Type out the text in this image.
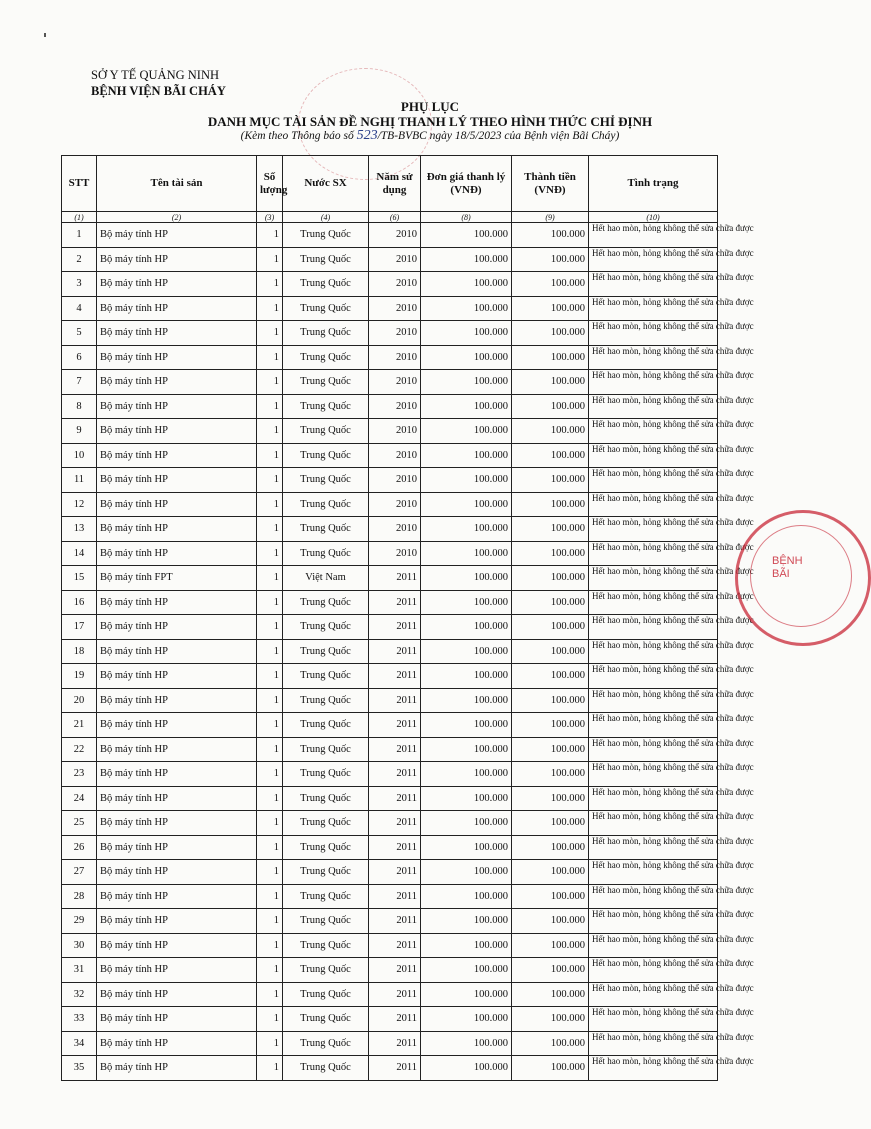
SỞ Y TẾ QUẢNG NINH
BỆNH VIỆN BÃI CHÁY
PHỤ LỤC
DANH MỤC TÀI SẢN ĐỀ NGHỊ THANH LÝ THEO HÌNH THỨC CHỈ ĐỊNH
(Kèm theo Thông báo số 523/TB-BVBC ngày 18/5/2023 của Bệnh viện Bãi Cháy)
STT	Tên tài sản	Số lượng	Nước SX	Năm sử dụng	Đơn giá thanh lý (VNĐ)	Thành tiền (VNĐ)	Tình trạng
(1)	(2)	(3)	(4)	(6)	(8)	(9)	(10)
1	Bộ máy tính HP	1	Trung Quốc	2010	100.000	100.000	Hết hao mòn, hỏng không thể sửa chữa được
2	Bộ máy tính HP	1	Trung Quốc	2010	100.000	100.000	Hết hao mòn, hỏng không thể sửa chữa được
3	Bộ máy tính HP	1	Trung Quốc	2010	100.000	100.000	Hết hao mòn, hỏng không thể sửa chữa được
4	Bộ máy tính HP	1	Trung Quốc	2010	100.000	100.000	Hết hao mòn, hỏng không thể sửa chữa được
5	Bộ máy tính HP	1	Trung Quốc	2010	100.000	100.000	Hết hao mòn, hỏng không thể sửa chữa được
6	Bộ máy tính HP	1	Trung Quốc	2010	100.000	100.000	Hết hao mòn, hỏng không thể sửa chữa được
7	Bộ máy tính HP	1	Trung Quốc	2010	100.000	100.000	Hết hao mòn, hỏng không thể sửa chữa được
8	Bộ máy tính HP	1	Trung Quốc	2010	100.000	100.000	Hết hao mòn, hỏng không thể sửa chữa được
9	Bộ máy tính HP	1	Trung Quốc	2010	100.000	100.000	Hết hao mòn, hỏng không thể sửa chữa được
10	Bộ máy tính HP	1	Trung Quốc	2010	100.000	100.000	Hết hao mòn, hỏng không thể sửa chữa được
11	Bộ máy tính HP	1	Trung Quốc	2010	100.000	100.000	Hết hao mòn, hỏng không thể sửa chữa được
12	Bộ máy tính HP	1	Trung Quốc	2010	100.000	100.000	Hết hao mòn, hỏng không thể sửa chữa được
13	Bộ máy tính HP	1	Trung Quốc	2010	100.000	100.000	Hết hao mòn, hỏng không thể sửa chữa được
14	Bộ máy tính HP	1	Trung Quốc	2010	100.000	100.000	Hết hao mòn, hỏng không thể sửa chữa được
15	Bộ máy tính FPT	1	Việt Nam	2011	100.000	100.000	Hết hao mòn, hỏng không thể sửa chữa được
16	Bộ máy tính HP	1	Trung Quốc	2011	100.000	100.000	Hết hao mòn, hỏng không thể sửa chữa được
17	Bộ máy tính HP	1	Trung Quốc	2011	100.000	100.000	Hết hao mòn, hỏng không thể sửa chữa được
18	Bộ máy tính HP	1	Trung Quốc	2011	100.000	100.000	Hết hao mòn, hỏng không thể sửa chữa được
19	Bộ máy tính HP	1	Trung Quốc	2011	100.000	100.000	Hết hao mòn, hỏng không thể sửa chữa được
20	Bộ máy tính HP	1	Trung Quốc	2011	100.000	100.000	Hết hao mòn, hỏng không thể sửa chữa được
21	Bộ máy tính HP	1	Trung Quốc	2011	100.000	100.000	Hết hao mòn, hỏng không thể sửa chữa được
22	Bộ máy tính HP	1	Trung Quốc	2011	100.000	100.000	Hết hao mòn, hỏng không thể sửa chữa được
23	Bộ máy tính HP	1	Trung Quốc	2011	100.000	100.000	Hết hao mòn, hỏng không thể sửa chữa được
24	Bộ máy tính HP	1	Trung Quốc	2011	100.000	100.000	Hết hao mòn, hỏng không thể sửa chữa được
25	Bộ máy tính HP	1	Trung Quốc	2011	100.000	100.000	Hết hao mòn, hỏng không thể sửa chữa được
26	Bộ máy tính HP	1	Trung Quốc	2011	100.000	100.000	Hết hao mòn, hỏng không thể sửa chữa được
27	Bộ máy tính HP	1	Trung Quốc	2011	100.000	100.000	Hết hao mòn, hỏng không thể sửa chữa được
28	Bộ máy tính HP	1	Trung Quốc	2011	100.000	100.000	Hết hao mòn, hỏng không thể sửa chữa được
29	Bộ máy tính HP	1	Trung Quốc	2011	100.000	100.000	Hết hao mòn, hỏng không thể sửa chữa được
30	Bộ máy tính HP	1	Trung Quốc	2011	100.000	100.000	Hết hao mòn, hỏng không thể sửa chữa được
31	Bộ máy tính HP	1	Trung Quốc	2011	100.000	100.000	Hết hao mòn, hỏng không thể sửa chữa được
32	Bộ máy tính HP	1	Trung Quốc	2011	100.000	100.000	Hết hao mòn, hỏng không thể sửa chữa được
33	Bộ máy tính HP	1	Trung Quốc	2011	100.000	100.000	Hết hao mòn, hỏng không thể sửa chữa được
34	Bộ máy tính HP	1	Trung Quốc	2011	100.000	100.000	Hết hao mòn, hỏng không thể sửa chữa được
35	Bộ máy tính HP	1	Trung Quốc	2011	100.000	100.000	Hết hao mòn, hỏng không thể sửa chữa được
BỆNH
BÃI
